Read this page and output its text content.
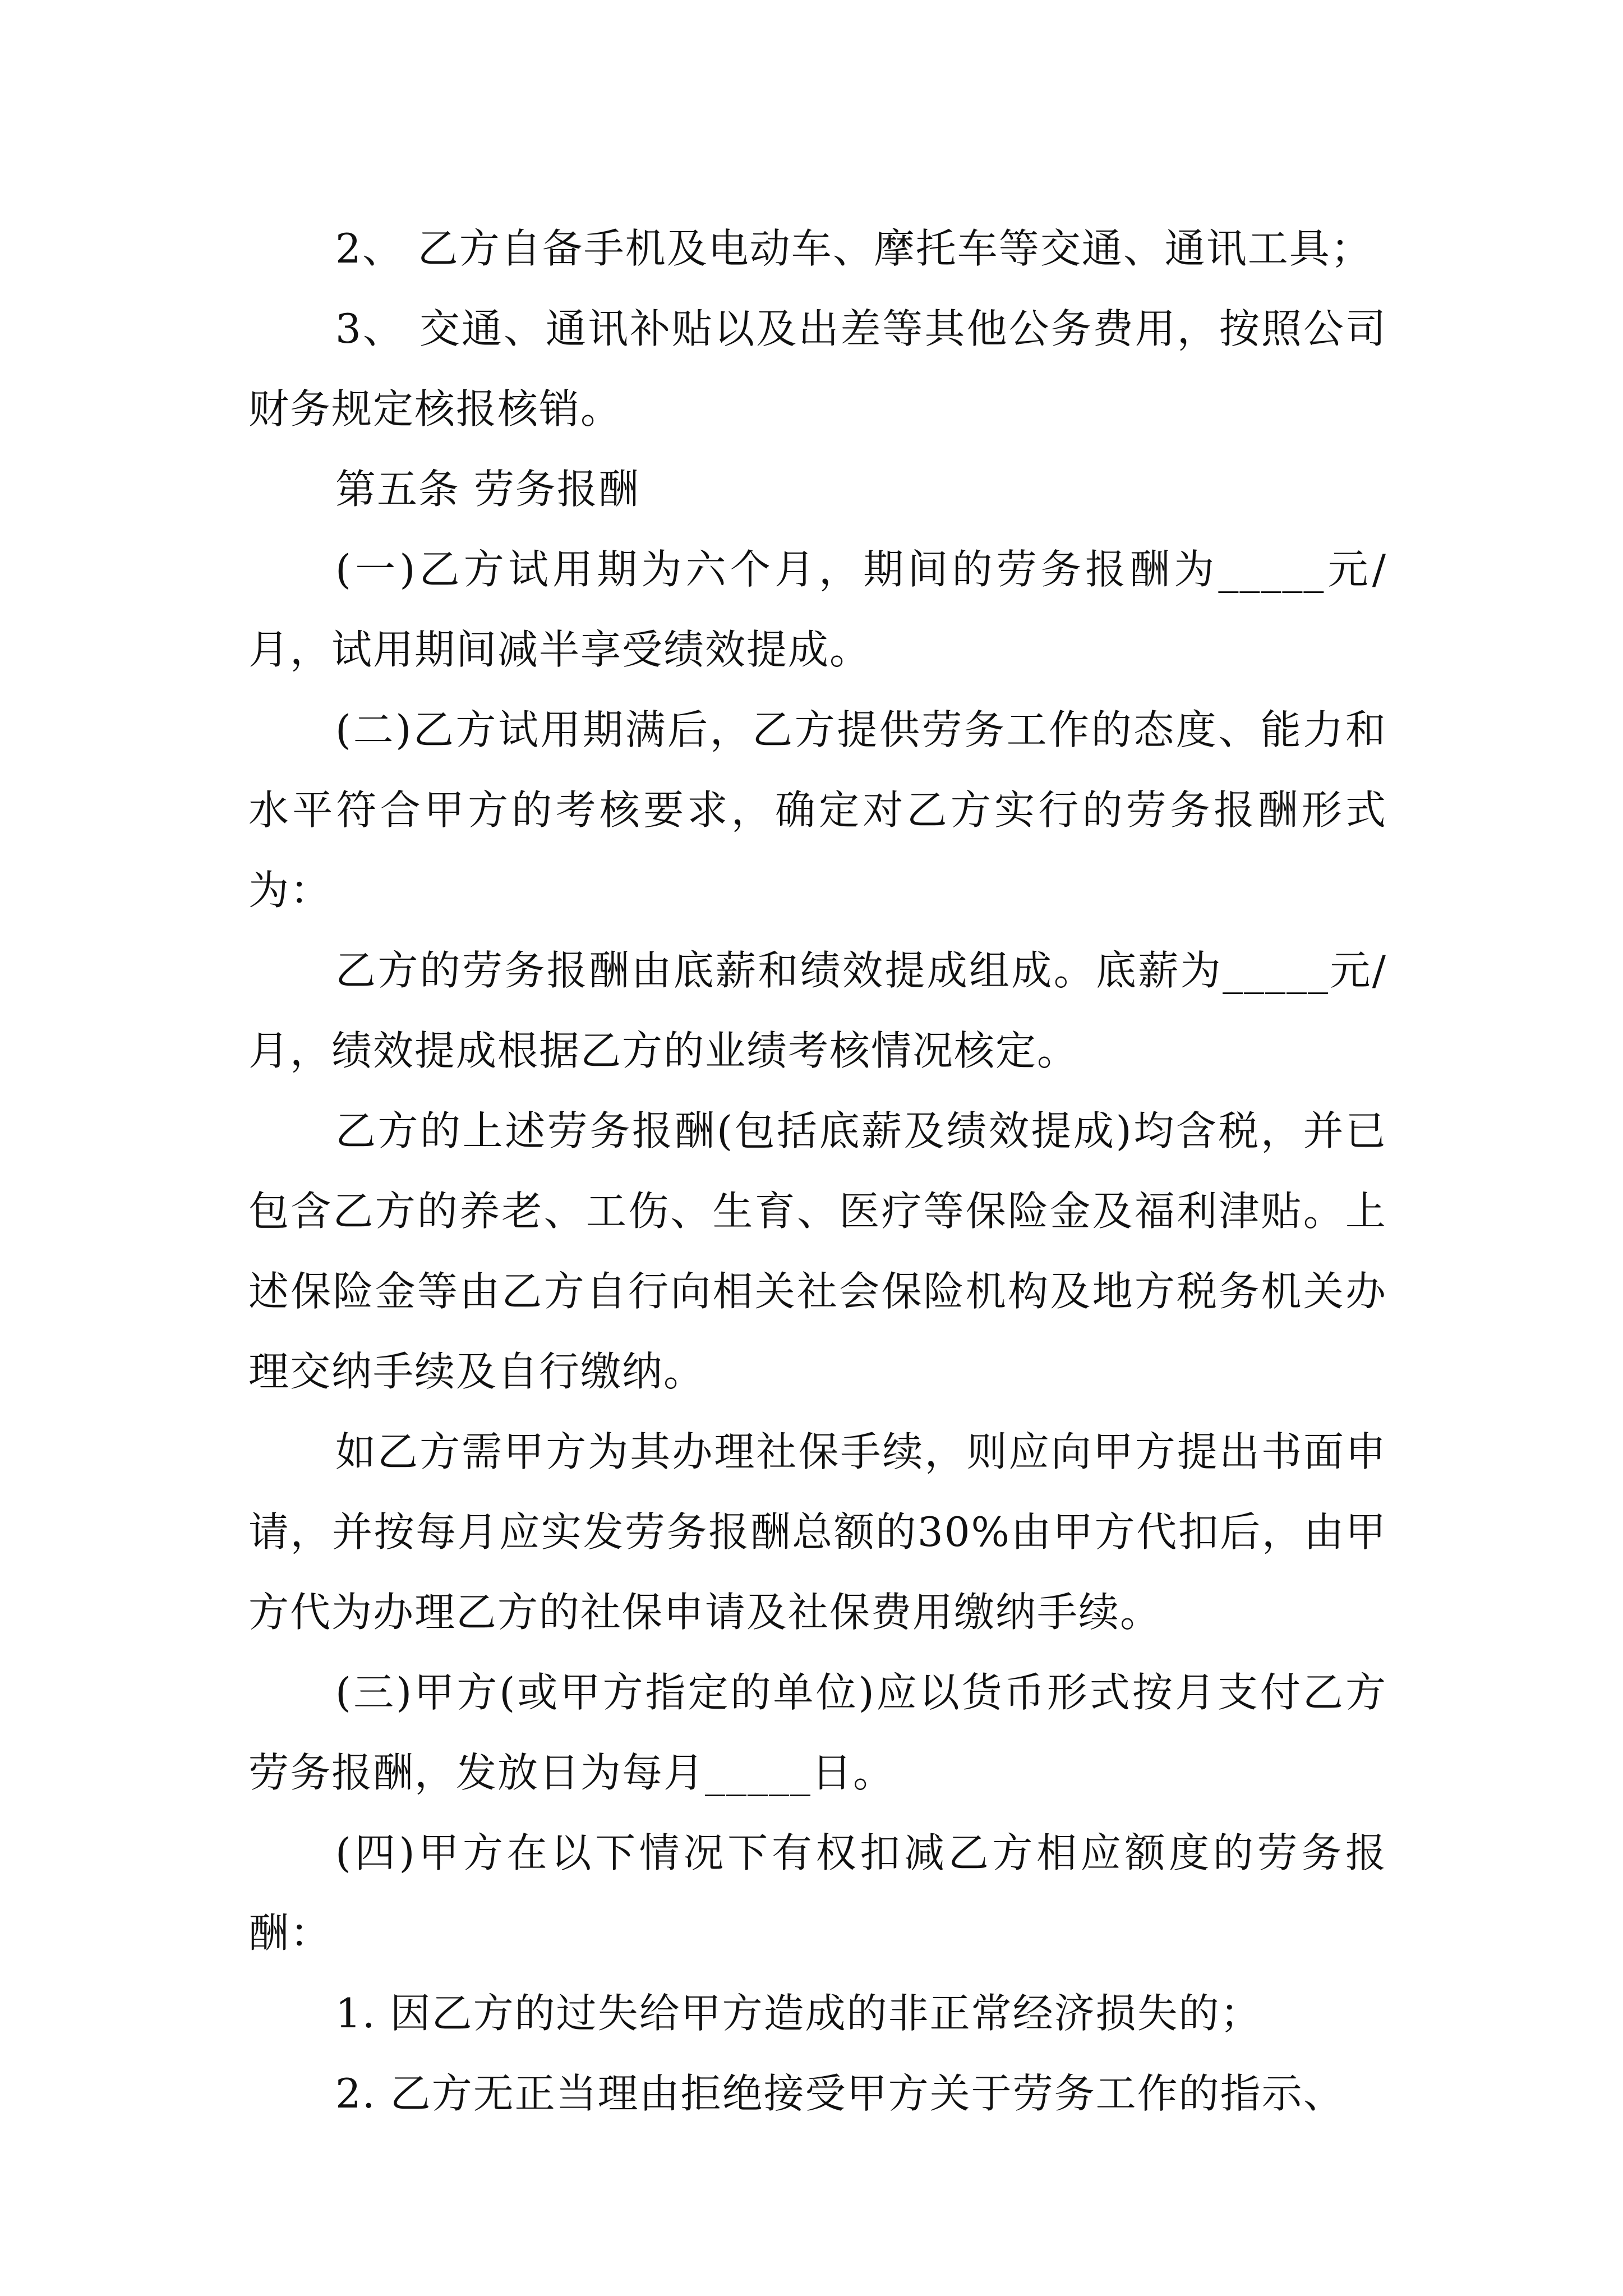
2、 乙方自备手机及电动车、摩托车等交通、通讯工具；

3、 交通、通讯补贴以及出差等其他公务费用，按照公司财务规定核报核销。

第五条 劳务报酬

(一)乙方试用期为六个月，期间的劳务报酬为_____元/月，试用期间减半享受绩效提成。

(二)乙方试用期满后，乙方提供劳务工作的态度、能力和水平符合甲方的考核要求，确定对乙方实行的劳务报酬形式为：

乙方的劳务报酬由底薪和绩效提成组成。底薪为_____元/月，绩效提成根据乙方的业绩考核情况核定。

乙方的上述劳务报酬(包括底薪及绩效提成)均含税，并已包含乙方的养老、工伤、生育、医疗等保险金及福利津贴。上述保险金等由乙方自行向相关社会保险机构及地方税务机关办理交纳手续及自行缴纳。

如乙方需甲方为其办理社保手续，则应向甲方提出书面申请，并按每月应实发劳务报酬总额的30%由甲方代扣后，由甲方代为办理乙方的社保申请及社保费用缴纳手续。

(三)甲方(或甲方指定的单位)应以货币形式按月支付乙方劳务报酬，发放日为每月_____日。

(四)甲方在以下情况下有权扣减乙方相应额度的劳务报酬：

1. 因乙方的过失给甲方造成的非正常经济损失的；

2. 乙方无正当理由拒绝接受甲方关于劳务工作的指示、
